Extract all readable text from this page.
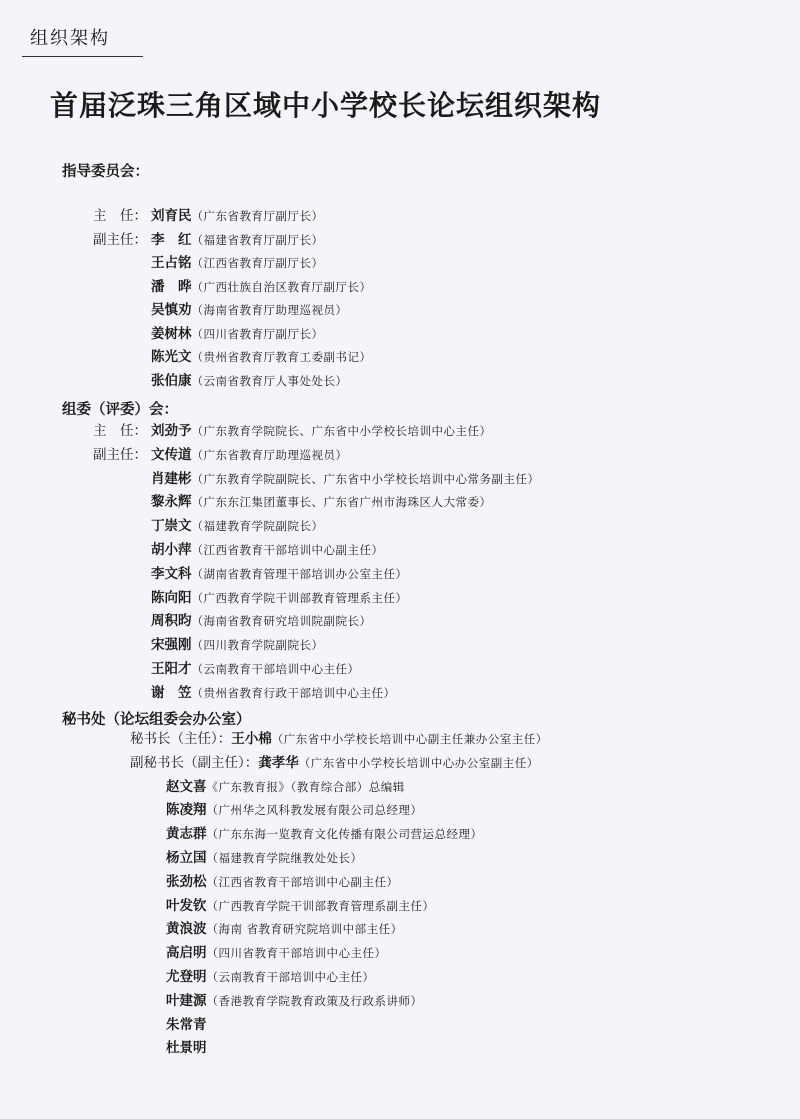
组织架构
首届泛珠三角区域中小学校长论坛组织架构
指导委员会：
主　任： 刘育民（广东省教育厅副厅长）
副主任： 李　红（福建省教育厅副厅长）
王占铭（江西省教育厅副厅长）
潘　晔（广西壮族自治区教育厅副厅长）
吴慎劝（海南省教育厅助理巡视员）
姜树林（四川省教育厅副厅长）
陈光文（贵州省教育厅教育工委副书记）
张伯康（云南省教育厅人事处处长）
组委（评委）会：
主　任： 刘劲予（广东教育学院院长、广东省中小学校长培训中心主任）
副主任： 文传道（广东省教育厅助理巡视员）
肖建彬（广东教育学院副院长、广东省中小学校长培训中心常务副主任）
黎永辉（广东东江集团董事长、广东省广州市海珠区人大常委）
丁崇文（福建教育学院副院长）
胡小萍（江西省教育干部培训中心副主任）
李文科（湖南省教育管理干部培训办公室主任）
陈向阳（广西教育学院干训部教育管理系主任）
周积昀（海南省教育研究培训院副院长）
宋强刚（四川教育学院副院长）
王阳才（云南教育干部培训中心主任）
谢　笠（贵州省教育行政干部培训中心主任）
秘书处（论坛组委会办公室）
秘书长（主任）：王小棉（广东省中小学校长培训中心副主任兼办公室主任）
副秘书长（副主任）：龚孝华（广东省中小学校长培训中心办公室副主任）
赵文喜《广东教育报》（教育综合部）总编辑
陈凌翔（广州华之风科教发展有限公司总经理）
黄志群（广东东海一览教育文化传播有限公司营运总经理）
杨立国（福建教育学院继教处处长）
张劲松（江西省教育干部培训中心副主任）
叶发钦（广西教育学院干训部教育管理系副主任）
黄浪波（海南 省教育研究院培训中部主任）
高启明（四川省教育干部培训中心主任）
尤登明（云南教育干部培训中心主任）
叶建源（香港教育学院教育政策及行政系讲师）
朱常青
杜景明
